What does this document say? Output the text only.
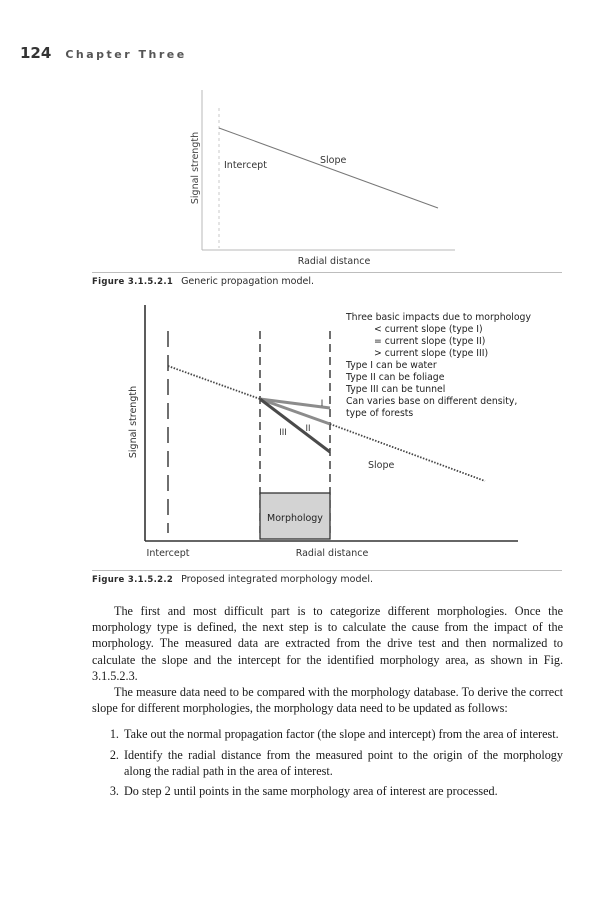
124 Chapter Three
Signal strength Intercept	Slope
Radial distance
Figure 3.1.5.2.1 Generic propagation model.
Morphology
I
II
III
Signal strength
Intercept	Radial distance
Slope
Three basic impacts due to morphology
< current slope (type I)
= current slope (type II)
> current slope (type III)
Type I can be water
Type II can be foliage
Type III can be tunnel
Can varies base on different density,
type of forests
Figure 3.1.5.2.2 Proposed integrated morphology model.

The first and most difficult part is to categorize different morphologies. Once the morphology type is defined, the next step is to calculate the cause from the impact of the morphology. The measured data are extracted from the drive test and then normalized to calculate the slope and the intercept for the identified morphology area, as shown in Fig. 3.1.5.2.3.

The measure data need to be compared with the morphology database. To derive the correct slope for different morphologies, the morphology data need to be updated as follows:

1. Take out the normal propagation factor (the slope and intercept) from the area of interest.
2. Identify the radial distance from the measured point to the origin of the morphology along the radial path in the area of interest.
3. Do step 2 until points in the same morphology area of interest are processed.
